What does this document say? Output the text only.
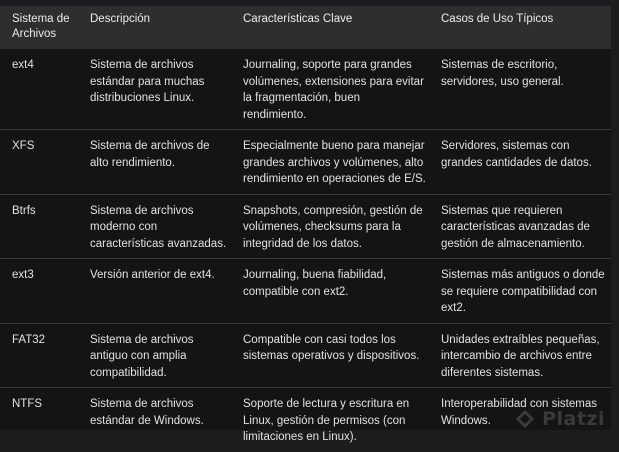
Sistema de Archivos	Descripción	Características Clave	Casos de Uso Típicos
ext4	Sistema de archivos estándar para muchas distribuciones Linux.	Journaling, soporte para grandes volúmenes, extensiones para evitar la fragmentación, buen rendimiento.	Sistemas de escritorio, servidores, uso general.
XFS	Sistema de archivos de alto rendimiento.	Especialmente bueno para manejar grandes archivos y volúmenes, alto rendimiento en operaciones de E/S.	Servidores, sistemas con grandes cantidades de datos.
Btrfs	Sistema de archivos moderno con características avanzadas.	Snapshots, compresión, gestión de volúmenes, checksums para la integridad de los datos.	Sistemas que requieren características avanzadas de gestión de almacenamiento.
ext3	Versión anterior de ext4.	Journaling, buena fiabilidad, compatible con ext2.	Sistemas más antiguos o donde se requiere compatibilidad con ext2.
FAT32	Sistema de archivos antiguo con amplia compatibilidad.	Compatible con casi todos los sistemas operativos y dispositivos.	Unidades extraíbles pequeñas, intercambio de archivos entre diferentes sistemas.
NTFS	Sistema de archivos estándar de Windows.	Soporte de lectura y escritura en Linux, gestión de permisos (con limitaciones en Linux).	Interoperabilidad con sistemas Windows.	Platzi
